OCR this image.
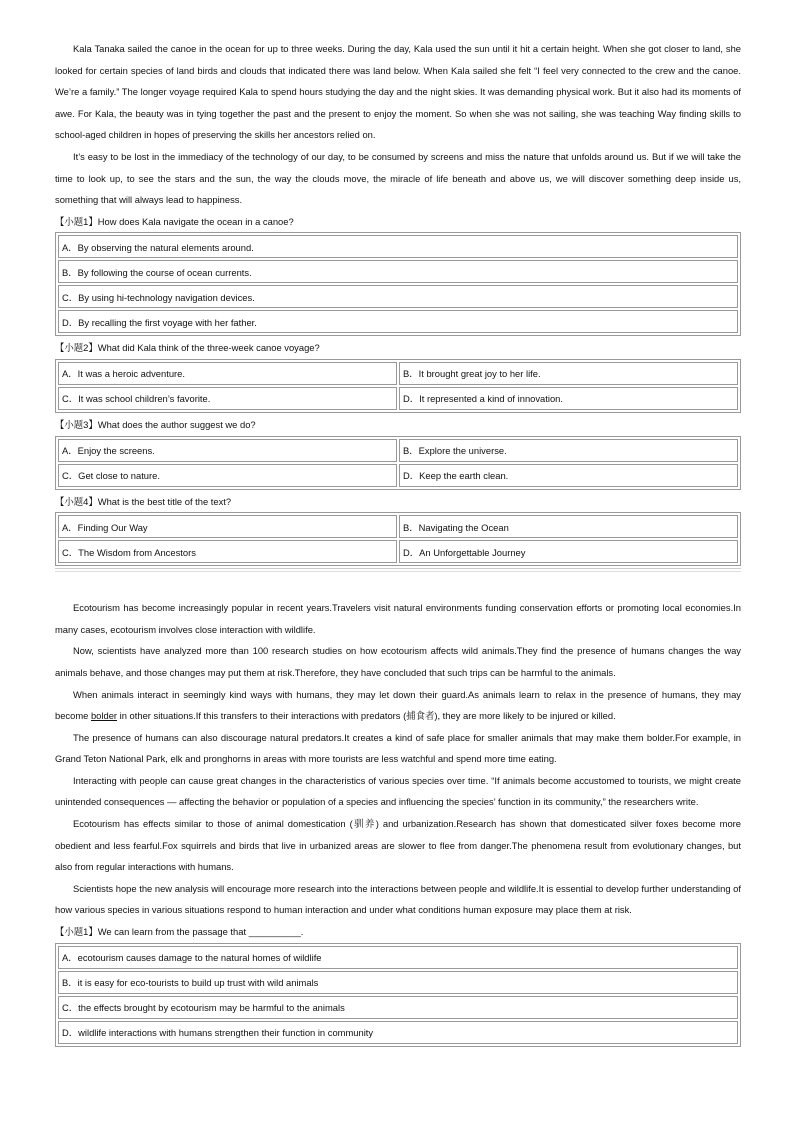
Kala Tanaka sailed the canoe in the ocean for up to three weeks. During the day, Kala used the sun until it hit a certain height. When she got closer to land, she looked for certain species of land birds and clouds that indicated there was land below. When Kala sailed she felt “I feel very connected to the crew and the canoe. We’re a family.” The longer voyage required Kala to spend hours studying the day and the night skies. It was demanding physical work. But it also had its moments of awe. For Kala, the beauty was in tying together the past and the present to enjoy the moment. So when she was not sailing, she was teaching Way finding skills to school-aged children in hopes of preserving the skills her ancestors relied on.

It’s easy to be lost in the immediacy of the technology of our day, to be consumed by screens and miss the nature that unfolds around us. But if we will take the time to look up, to see the stars and the sun, the way the clouds move, the miracle of life beneath and above us, we will discover something deep inside us, something that will always lead to happiness.

【小题1】How does Kala navigate the ocean in a canoe?

A．By observing the natural elements around.
B．By following the course of ocean currents.
C．By using hi-technology navigation devices.
D．By recalling the first voyage with her father.

【小题2】What did Kala think of the three-week canoe voyage?

A．It was a heroic adventure.	B．It brought great joy to her life.
C．It was school children’s favorite.	D．It represented a kind of innovation.

【小题3】What does the author suggest we do?

A．Enjoy the screens.	B．Explore the universe.
C．Get close to nature.	D．Keep the earth clean.

【小题4】What is the best title of the text?

A．Finding Our Way	B．Navigating the Ocean
C．The Wisdom from Ancestors	D．An Unforgettable Journey

Ecotourism has become increasingly popular in recent years.Travelers visit natural environments funding conservation efforts or promoting local economies.In many cases, ecotourism involves close interaction with wildlife.

Now, scientists have analyzed more than 100 research studies on how ecotourism affects wild animals.They find the presence of humans changes the way animals behave, and those changes may put them at risk.Therefore, they have concluded that such trips can be harmful to the animals.

When animals interact in seemingly kind ways with humans, they may let down their guard.As animals learn to relax in the presence of humans, they may become bolder in other situations.If this transfers to their interactions with predators (捕食者), they are more likely to be injured or killed.

The presence of humans can also discourage natural predators.It creates a kind of safe place for smaller animals that may make them bolder.For example, in Grand Teton National Park, elk and pronghorns in areas with more tourists are less watchful and spend more time eating.

Interacting with people can cause great changes in the characteristics of various species over time. “If animals become accustomed to tourists, we might create unintended consequences — affecting the behavior or population of a species and influencing the species’ function in its community,” the researchers write.

Ecotourism has effects similar to those of animal domestication (驯养) and urbanization.Research has shown that domesticated silver foxes become more obedient and less fearful.Fox squirrels and birds that live in urbanized areas are slower to flee from danger.The phenomena result from evolutionary changes, but also from regular interactions with humans.

Scientists hope the new analysis will encourage more research into the interactions between people and wildlife.It is essential to develop further understanding of how various species in various situations respond to human interaction and under what conditions human exposure may place them at risk.

【小题1】We can learn from the passage that __________.

A．ecotourism causes damage to the natural homes of wildlife
B．it is easy for eco-tourists to build up trust with wild animals
C．the effects brought by ecotourism may be harmful to the animals
D．wildlife interactions with humans strengthen their function in community
